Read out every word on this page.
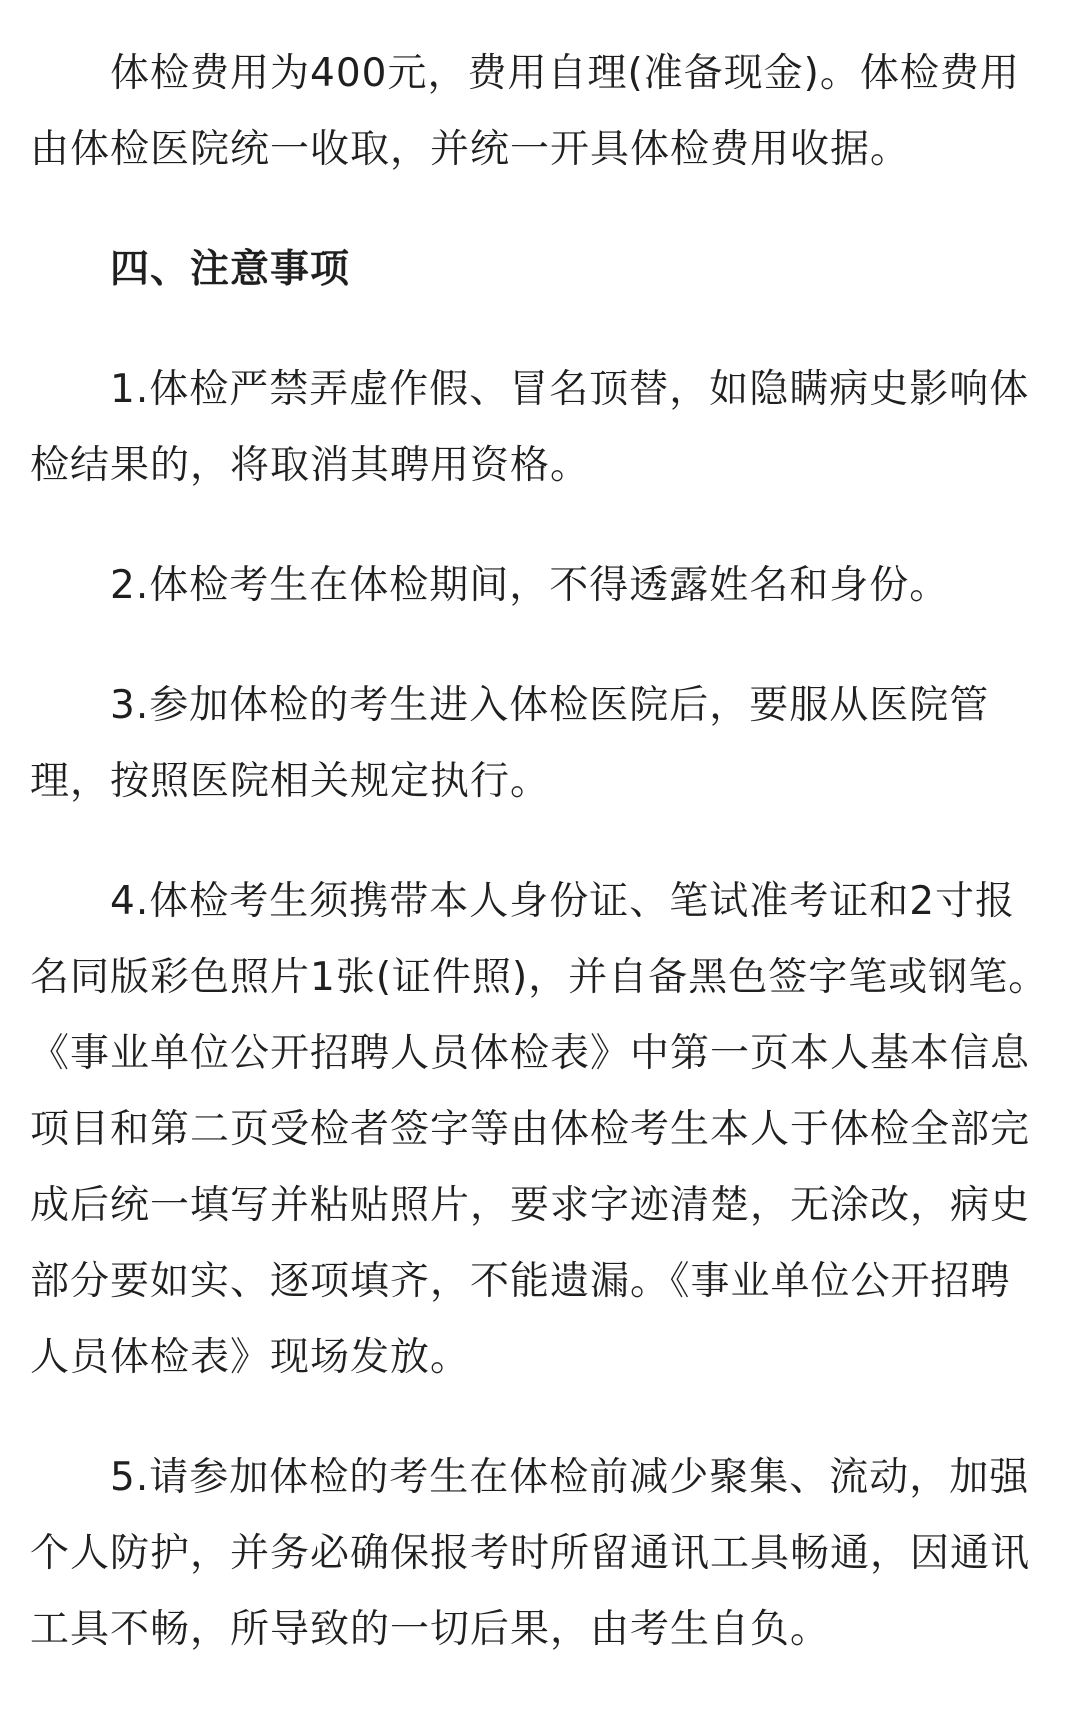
体检费用为400元，费用自理(准备现金)。体检费用由体检医院统一收取，并统一开具体检费用收据。

四、注意事项

1.体检严禁弄虚作假、冒名顶替，如隐瞒病史影响体检结果的，将取消其聘用资格。

2.体检考生在体检期间，不得透露姓名和身份。

3.参加体检的考生进入体检医院后，要服从医院管理，按照医院相关规定执行。

4.体检考生须携带本人身份证、笔试准考证和2寸报名同版彩色照片1张(证件照)，并自备黑色签字笔或钢笔。《事业单位公开招聘人员体检表》中第一页本人基本信息项目和第二页受检者签字等由体检考生本人于体检全部完成后统一填写并粘贴照片，要求字迹清楚，无涂改，病史部分要如实、逐项填齐，不能遗漏。《事业单位公开招聘人员体检表》现场发放。

5.请参加体检的考生在体检前减少聚集、流动，加强个人防护，并务必确保报考时所留通讯工具畅通，因通讯工具不畅，所导致的一切后果，由考生自负。
